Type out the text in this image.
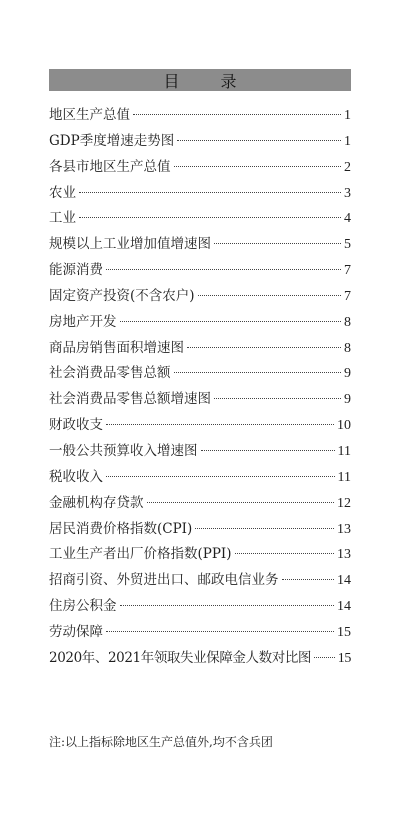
目 录
地区生产总值	1
GDP季度增速走势图	1
各县市地区生产总值	2
农业	3
工业	4
规模以上工业增加值增速图	5
能源消费	7
固定资产投资(不含农户)	7
房地产开发	8
商品房销售面积增速图	8
社会消费品零售总额	9
社会消费品零售总额增速图	9
财政收支	10
一般公共预算收入增速图	11
税收收入	11
金融机构存贷款	12
居民消费价格指数(CPI)	13
工业生产者出厂价格指数(PPI)	13
招商引资、外贸进出口、邮政电信业务	14
住房公积金	14
劳动保障	15
2020年、2021年领取失业保障金人数对比图 15
注:以上指标除地区生产总值外,均不含兵团
